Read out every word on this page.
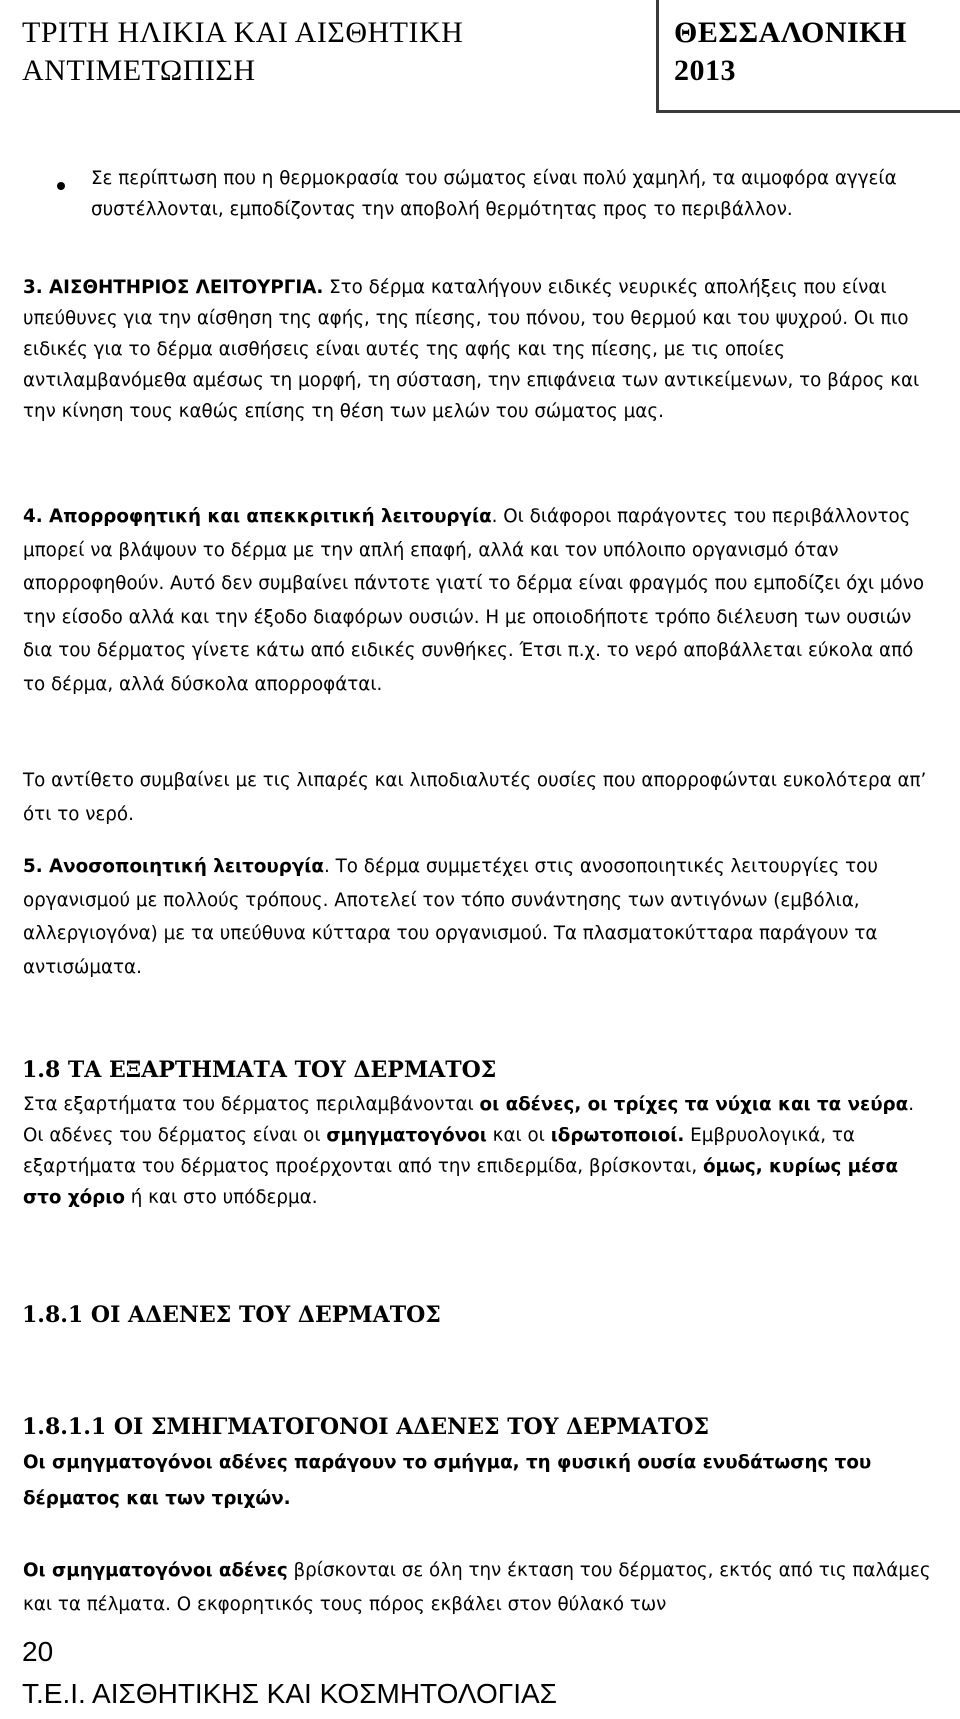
ΤΡΙΤΗ ΗΛΙΚΙΑ ΚΑΙ ΑΙΣΘΗΤΙΚΗ
ΑΝΤΙΜΕΤΩΠΙΣΗ
ΘΕΣΣΑΛΟΝΙΚΗ
2013
Σε περίπτωση που η θερμοκρασία του σώματος είναι πολύ χαμηλή, τα αιμοφόρα αγγεία συστέλλονται, εμποδίζοντας την αποβολή θερμότητας προς το περιβάλλον.
3. ΑΙΣΘΗΤΗΡΙΟΣ ΛΕΙΤΟΥΡΓΙΑ. Στο δέρμα καταλήγουν ειδικές νευρικές απολήξεις που είναι υπεύθυνες για την αίσθηση της αφής, της πίεσης, του πόνου, του θερμού και του ψυχρού. Οι πιο ειδικές για το δέρμα αισθήσεις είναι αυτές της αφής και της πίεσης, με τις οποίες αντιλαμβανόμεθα αμέσως τη μορφή, τη σύσταση, την επιφάνεια των αντικείμενων, το βάρος και την κίνηση τους καθώς επίσης τη θέση των μελών του σώματος μας.
4. Απορροφητική και απεκκριτική λειτουργία. Οι διάφοροι παράγοντες του περιβάλλοντος μπορεί να βλάψουν το δέρμα με την απλή επαφή, αλλά και τον υπόλοιπο οργανισμό όταν απορροφηθούν. Αυτό δεν συμβαίνει πάντοτε γιατί το δέρμα είναι φραγμός που εμποδίζει όχι μόνο την είσοδο αλλά και την έξοδο διαφόρων ουσιών. Η με οποιοδήποτε τρόπο διέλευση των ουσιών δια του δέρματος γίνετε κάτω από ειδικές συνθήκες. Έτσι π.χ. το νερό αποβάλλεται εύκολα από το δέρμα, αλλά δύσκολα απορροφάται.
Το αντίθετο συμβαίνει με τις λιπαρές και λιποδιαλυτές ουσίες που απορροφώνται ευκολότερα απ’ ότι το νερό.
5. Ανοσοποιητική λειτουργία. Το δέρμα συμμετέχει στις ανοσοποιητικές λειτουργίες του οργανισμού με πολλούς τρόπους. Αποτελεί τον τόπο συνάντησης των αντιγόνων (εμβόλια, αλλεργιογόνα) με τα υπεύθυνα κύτταρα του οργανισμού. Τα πλασματοκύτταρα παράγουν τα αντισώματα.
1.8 ΤΑ ΕΞΑΡΤΗΜΑΤΑ ΤΟΥ ΔΕΡΜΑΤΟΣ
Στα εξαρτήματα του δέρματος περιλαμβάνονται οι αδένες, οι τρίχες τα νύχια και τα νεύρα. Οι αδένες του δέρματος είναι οι σμηγματογόνοι και οι ιδρωτοποιοί. Εμβρυολογικά, τα εξαρτήματα του δέρματος προέρχονται από την επιδερμίδα, βρίσκονται, όμως, κυρίως μέσα στο χόριο ή και στο υπόδερμα.
1.8.1 ΟΙ ΑΔΕΝΕΣ ΤΟΥ ΔΕΡΜΑΤΟΣ
1.8.1.1 ΟΙ ΣΜΗΓΜΑΤΟΓΟΝΟΙ ΑΔΕΝΕΣ ΤΟΥ ΔΕΡΜΑΤΟΣ
Οι σμηγματογόνοι αδένες παράγουν το σμήγμα, τη φυσική ουσία ενυδάτωσης του δέρματος και των τριχών.
Οι σμηγματογόνοι αδένες βρίσκονται σε όλη την έκταση του δέρματος, εκτός από τις παλάμες και τα πέλματα. Ο εκφορητικός τους πόρος εκβάλει στον θύλακό των
20
Τ.Ε.Ι. ΑΙΣΘΗΤΙΚΗΣ ΚΑΙ ΚΟΣΜΗΤΟΛΟΓΙΑΣ
